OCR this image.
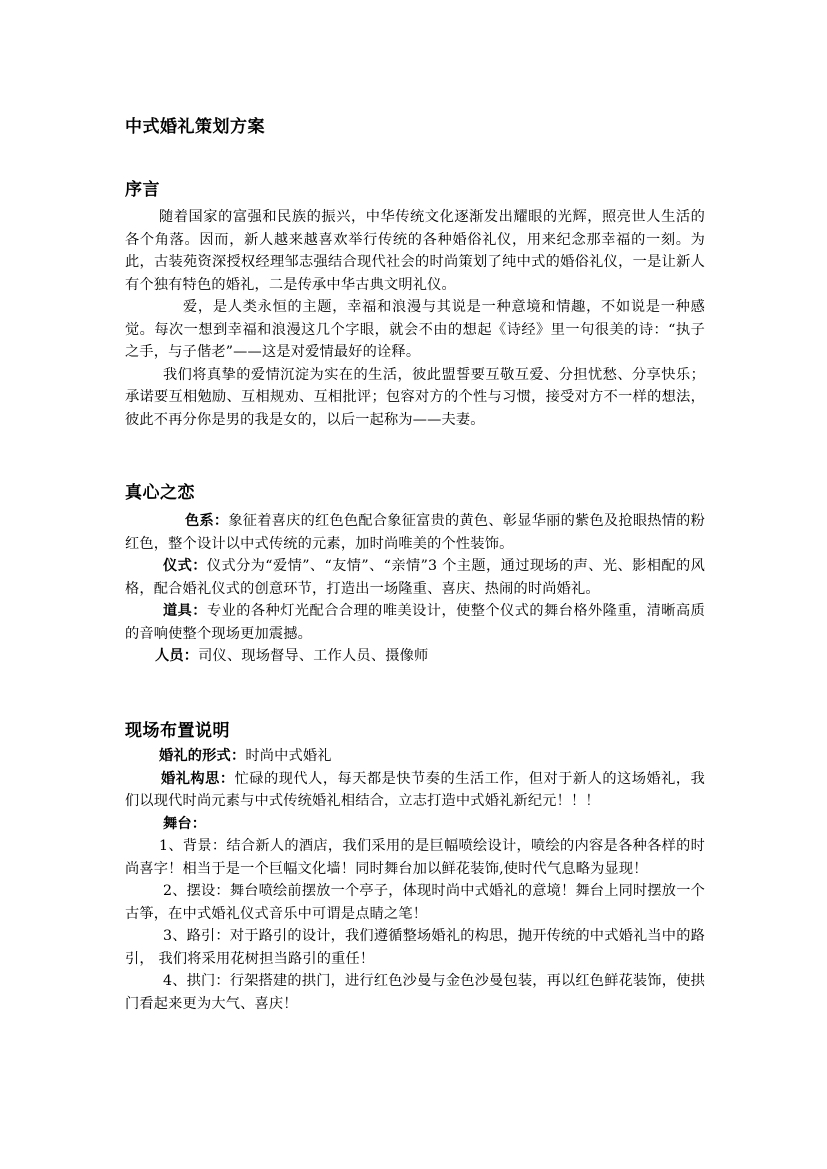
中式婚礼策划方案
序言

随着国家的富强和民族的振兴，中华传统文化逐渐发出耀眼的光辉，照亮世人生活的各个角落。因而，新人越来越喜欢举行传统的各种婚俗礼仪，用来纪念那幸福的一刻。为此，古装苑资深授权经理邹志强结合现代社会的时尚策划了纯中式的婚俗礼仪，一是让新人有个独有特色的婚礼，二是传承中华古典文明礼仪。

爱，是人类永恒的主题，幸福和浪漫与其说是一种意境和情趣，不如说是一种感觉。每次一想到幸福和浪漫这几个字眼，就会不由的想起《诗经》里一句很美的诗：“执子之手，与子偕老”——这是对爱情最好的诠释。

我们将真挚的爱情沉淀为实在的生活，彼此盟誓要互敬互爱、分担忧愁、分享快乐；承诺要互相勉励、互相规劝、互相批评；包容对方的个性与习惯，接受对方不一样的想法，彼此不再分你是男的我是女的，以后一起称为——夫妻。

真心之恋

色系：象征着喜庆的红色色配合象征富贵的黄色、彰显华丽的紫色及抢眼热情的粉红色，整个设计以中式传统的元素，加时尚唯美的个性装饰。

仪式：仪式分为“爱情”、“友情”、“亲情”3 个主题，通过现场的声、光、影相配的风格，配合婚礼仪式的创意环节，打造出一场隆重、喜庆、热闹的时尚婚礼。

道具：专业的各种灯光配合合理的唯美设计，使整个仪式的舞台格外隆重，清晰高质的音响使整个现场更加震撼。

人员：司仪、现场督导、工作人员、摄像师

现场布置说明

婚礼的形式：时尚中式婚礼

婚礼构思：忙碌的现代人，每天都是快节奏的生活工作，但对于新人的这场婚礼，我们以现代时尚元素与中式传统婚礼相结合，立志打造中式婚礼新纪元！！！

舞台：

1、背景：结合新人的酒店，我们采用的是巨幅喷绘设计，喷绘的内容是各种各样的时尚喜字！相当于是一个巨幅文化墙！同时舞台加以鲜花装饰,使时代气息略为显现！

2、摆设：舞台喷绘前摆放一个亭子，体现时尚中式婚礼的意境！舞台上同时摆放一个古筝，在中式婚礼仪式音乐中可谓是点睛之笔！

3、路引：对于路引的设计，我们遵循整场婚礼的构思，抛开传统的中式婚礼当中的路引， 我们将采用花树担当路引的重任！

4、拱门：行架搭建的拱门，进行红色沙曼与金色沙曼包装，再以红色鲜花装饰，使拱门看起来更为大气、喜庆！
